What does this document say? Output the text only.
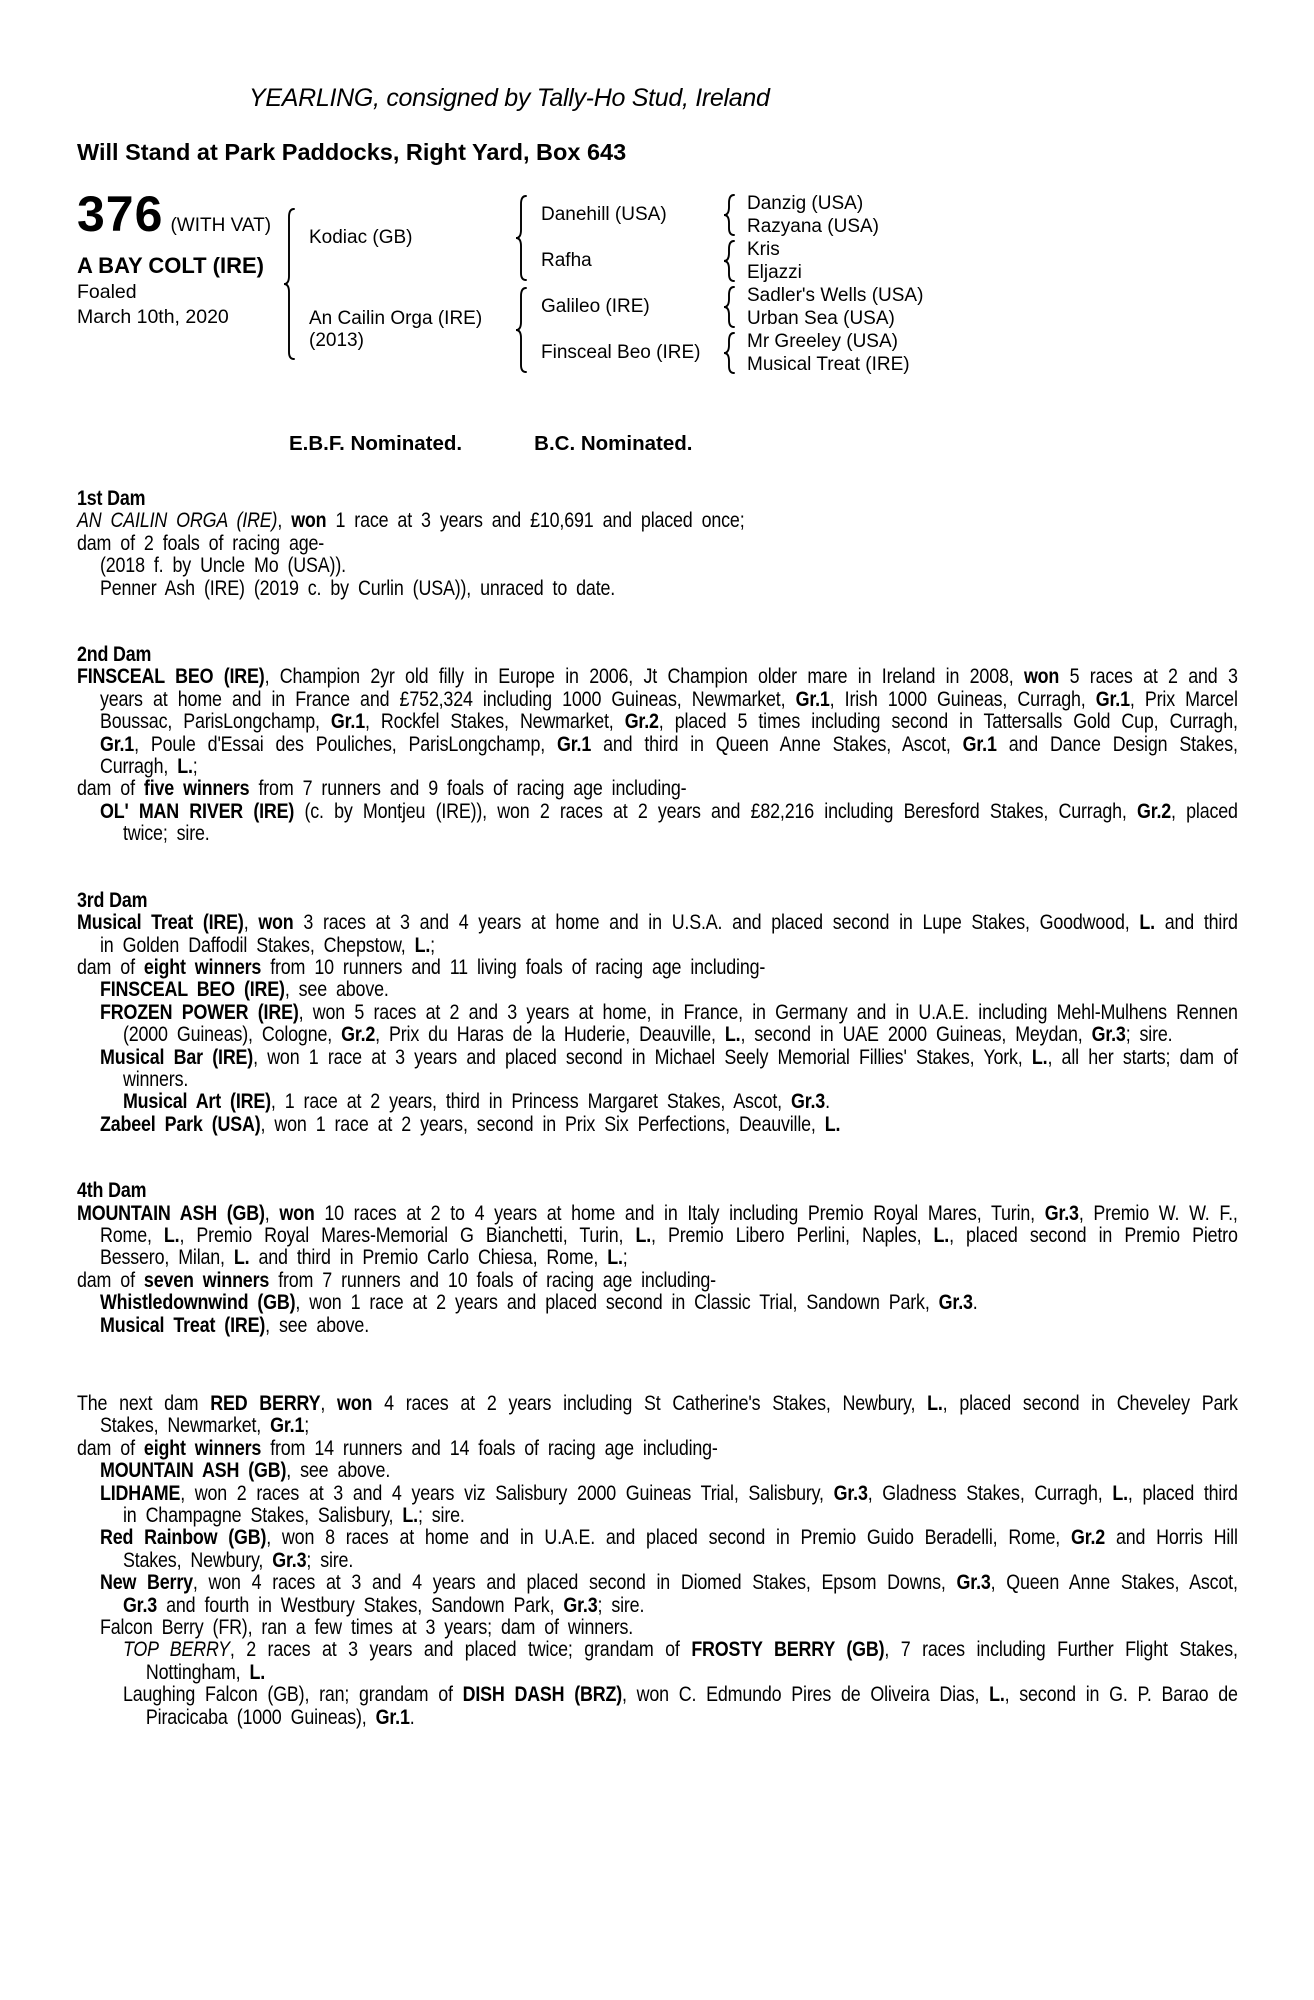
YEARLING, consigned by Tally-Ho Stud, Ireland
Will Stand at Park Paddocks, Right Yard, Box 643
376 (WITH VAT)
A BAY COLT (IRE)
Foaled
March 10th, 2020
Kodiac (GB)
An Cailin Orga (IRE)
(2013)
Danehill (USA)
Rafha
Galileo (IRE)
Finsceal Beo (IRE)
Danzig (USA)
Razyana (USA)
Kris
Eljazzi
Sadler's Wells (USA)
Urban Sea (USA)
Mr Greeley (USA)
Musical Treat (IRE)
E.B.F. Nominated.	B.C. Nominated.
1st Dam
AN CAILIN ORGA (IRE), won 1 race at 3 years and £10,691 and placed once;
dam of 2 foals of racing age-
(2018 f. by Uncle Mo (USA)).
Penner Ash (IRE) (2019 c. by Curlin (USA)), unraced to date.
2nd Dam
FINSCEAL BEO (IRE), Champion 2yr old filly in Europe in 2006, Jt Champion older mare in Ireland in 2008, won 5 races at 2 and 3 years at home and in France and £752,324 including 1000 Guineas, Newmarket, Gr.1, Irish 1000 Guineas, Curragh, Gr.1, Prix Marcel Boussac, ParisLongchamp, Gr.1, Rockfel Stakes, Newmarket, Gr.2, placed 5 times including second in Tattersalls Gold Cup, Curragh, Gr.1, Poule d'Essai des Pouliches, ParisLongchamp, Gr.1 and third in Queen Anne Stakes, Ascot, Gr.1 and Dance Design Stakes, Curragh, L.;
dam of five winners from 7 runners and 9 foals of racing age including-
OL' MAN RIVER (IRE) (c. by Montjeu (IRE)), won 2 races at 2 years and £82,216 including Beresford Stakes, Curragh, Gr.2, placed twice; sire.
3rd Dam
Musical Treat (IRE), won 3 races at 3 and 4 years at home and in U.S.A. and placed second in Lupe Stakes, Goodwood, L. and third in Golden Daffodil Stakes, Chepstow, L.;
dam of eight winners from 10 runners and 11 living foals of racing age including-
FINSCEAL BEO (IRE), see above.
FROZEN POWER (IRE), won 5 races at 2 and 3 years at home, in France, in Germany and in U.A.E. including Mehl-Mulhens Rennen (2000 Guineas), Cologne, Gr.2, Prix du Haras de la Huderie, Deauville, L., second in UAE 2000 Guineas, Meydan, Gr.3; sire.
Musical Bar (IRE), won 1 race at 3 years and placed second in Michael Seely Memorial Fillies' Stakes, York, L., all her starts; dam of winners.
Musical Art (IRE), 1 race at 2 years, third in Princess Margaret Stakes, Ascot, Gr.3.
Zabeel Park (USA), won 1 race at 2 years, second in Prix Six Perfections, Deauville, L.
4th Dam
MOUNTAIN ASH (GB), won 10 races at 2 to 4 years at home and in Italy including Premio Royal Mares, Turin, Gr.3, Premio W. W. F., Rome, L., Premio Royal Mares-Memorial G Bianchetti, Turin, L., Premio Libero Perlini, Naples, L., placed second in Premio Pietro Bessero, Milan, L. and third in Premio Carlo Chiesa, Rome, L.;
dam of seven winners from 7 runners and 10 foals of racing age including-
Whistledownwind (GB), won 1 race at 2 years and placed second in Classic Trial, Sandown Park, Gr.3.
Musical Treat (IRE), see above.
The next dam RED BERRY, won 4 races at 2 years including St Catherine's Stakes, Newbury, L., placed second in Cheveley Park Stakes, Newmarket, Gr.1;
dam of eight winners from 14 runners and 14 foals of racing age including-
MOUNTAIN ASH (GB), see above.
LIDHAME, won 2 races at 3 and 4 years viz Salisbury 2000 Guineas Trial, Salisbury, Gr.3, Gladness Stakes, Curragh, L., placed third in Champagne Stakes, Salisbury, L.; sire.
Red Rainbow (GB), won 8 races at home and in U.A.E. and placed second in Premio Guido Beradelli, Rome, Gr.2 and Horris Hill Stakes, Newbury, Gr.3; sire.
New Berry, won 4 races at 3 and 4 years and placed second in Diomed Stakes, Epsom Downs, Gr.3, Queen Anne Stakes, Ascot, Gr.3 and fourth in Westbury Stakes, Sandown Park, Gr.3; sire.
Falcon Berry (FR), ran a few times at 3 years; dam of winners.
TOP BERRY, 2 races at 3 years and placed twice; grandam of FROSTY BERRY (GB), 7 races including Further Flight Stakes, Nottingham, L.
Laughing Falcon (GB), ran; grandam of DISH DASH (BRZ), won C. Edmundo Pires de Oliveira Dias, L., second in G. P. Barao de Piracicaba (1000 Guineas), Gr.1.
